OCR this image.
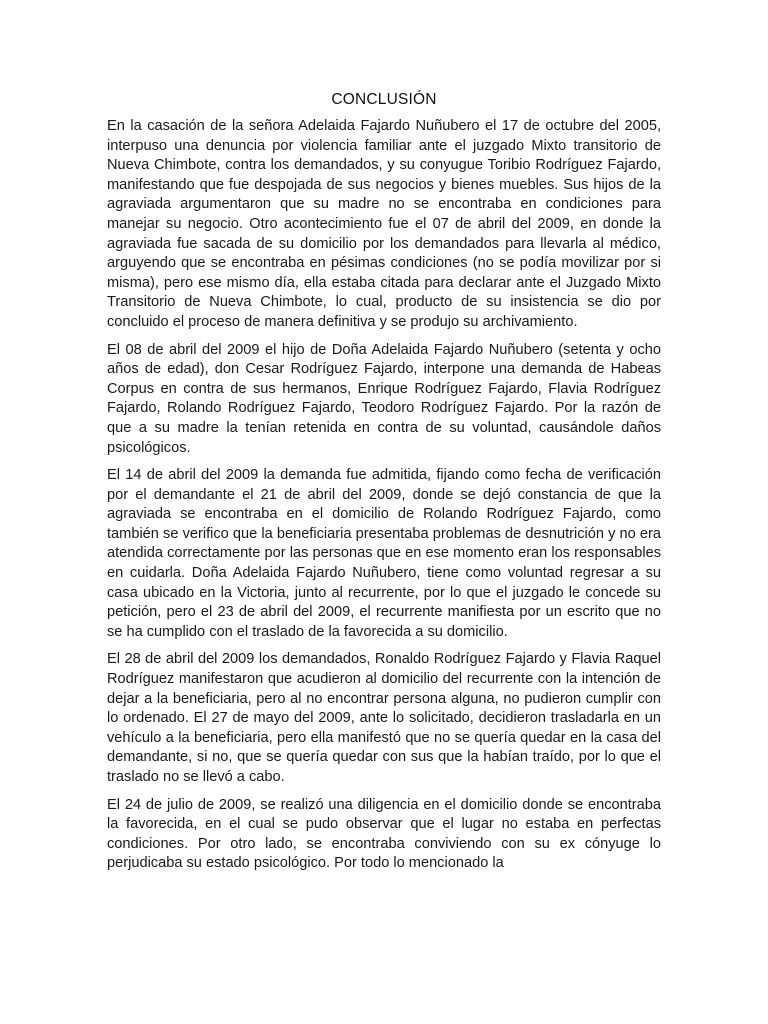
CONCLUSIÓN

En la casación de la señora Adelaida Fajardo Nuñubero el 17 de octubre del 2005, interpuso una denuncia por violencia familiar ante el juzgado Mixto transitorio de Nueva Chimbote, contra los demandados, y su conyugue Toribio Rodríguez Fajardo, manifestando que fue despojada de sus negocios y bienes muebles. Sus hijos de la agraviada argumentaron que su madre no se encontraba en condiciones para manejar su negocio. Otro acontecimiento fue el 07 de abril del 2009, en donde la agraviada fue sacada de su domicilio por los demandados para llevarla al médico, arguyendo que se encontraba en pésimas condiciones (no se podía movilizar por si misma), pero ese mismo día, ella estaba citada para declarar ante el Juzgado Mixto Transitorio de Nueva Chimbote, lo cual, producto de su insistencia se dio por concluido el proceso de manera definitiva y se produjo su archivamiento.

El 08 de abril del 2009 el hijo de Doña Adelaida Fajardo Nuñubero (setenta y ocho años de edad), don Cesar Rodríguez Fajardo, interpone una demanda de Habeas Corpus en contra de sus hermanos, Enrique Rodríguez Fajardo, Flavia Rodríguez Fajardo, Rolando Rodríguez Fajardo, Teodoro Rodríguez Fajardo. Por la razón de que a su madre la tenían retenida en contra de su voluntad, causándole daños psicológicos.

El 14 de abril del 2009 la demanda fue admitida, fijando como fecha de verificación por el demandante el 21 de abril del 2009, donde se dejó constancia de que la agraviada se encontraba en el domicilio de Rolando Rodríguez Fajardo, como también se verifico que la beneficiaria presentaba problemas de desnutrición y no era atendida correctamente por las personas que en ese momento eran los responsables en cuidarla. Doña Adelaida Fajardo Nuñubero, tiene como voluntad regresar a su casa ubicado en la Victoria, junto al recurrente, por lo que el juzgado le concede su petición, pero el 23 de abril del 2009, el recurrente manifiesta por un escrito que no se ha cumplido con el traslado de la favorecida a su domicilio.

El 28 de abril del 2009 los demandados, Ronaldo Rodríguez Fajardo y Flavia Raquel Rodríguez manifestaron que acudieron al domicilio del recurrente con la intención de dejar a la beneficiaria, pero al no encontrar persona alguna, no pudieron cumplir con lo ordenado. El 27 de mayo del 2009, ante lo solicitado, decidieron trasladarla en un vehículo a la beneficiaria, pero ella manifestó que no se quería quedar en la casa del demandante, si no, que se quería quedar con sus que la habían traído, por lo que el traslado no se llevó a cabo.

El 24 de julio de 2009, se realizó una diligencia en el domicilio donde se encontraba la favorecida, en el cual se pudo observar que el lugar no estaba en perfectas condiciones. Por otro lado, se encontraba conviviendo con su ex cónyuge lo perjudicaba su estado psicológico. Por todo lo mencionado la
